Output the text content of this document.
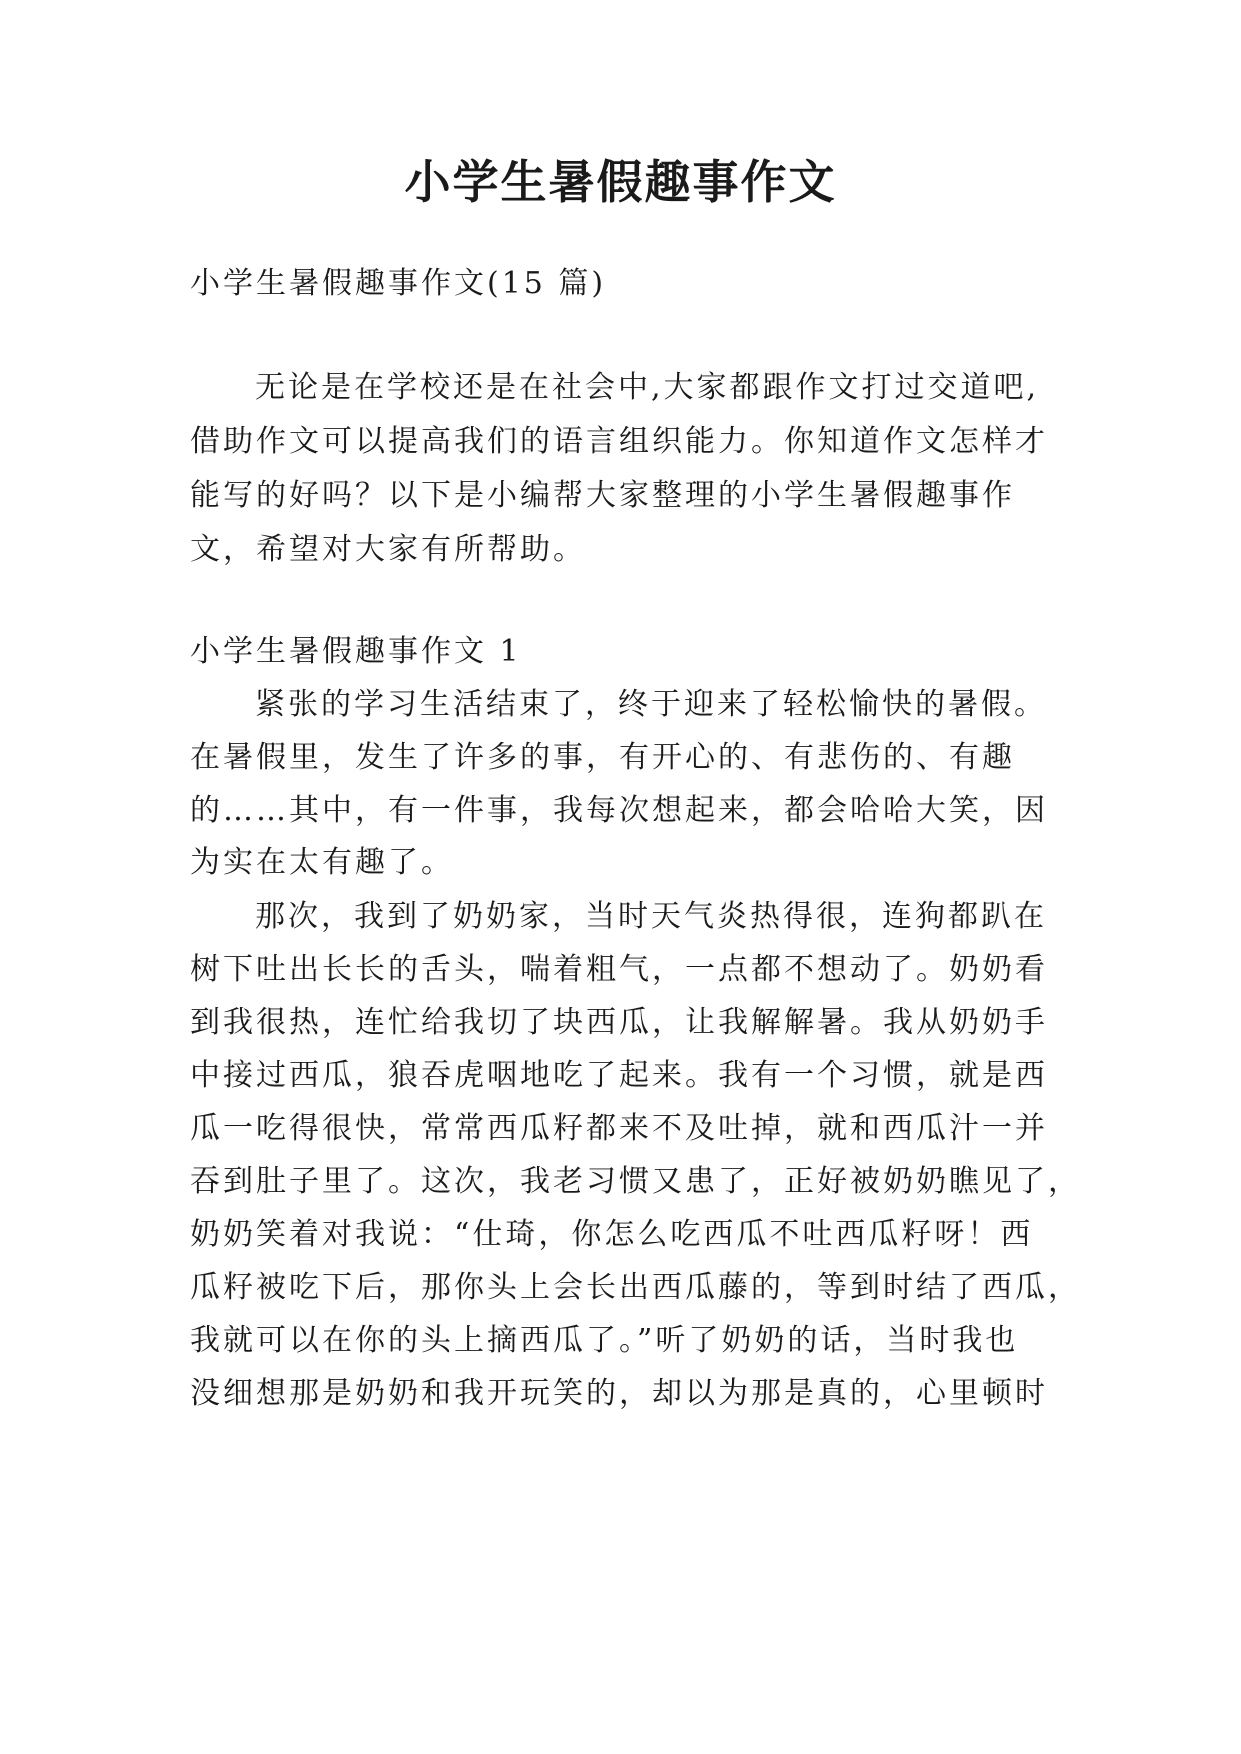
小学生暑假趣事作文

小学生暑假趣事作文(15 篇)

无论是在学校还是在社会中,大家都跟作文打过交道吧,

借助作文可以提高我们的语言组织能力。你知道作文怎样才

能写的好吗？以下是小编帮大家整理的小学生暑假趣事作

文，希望对大家有所帮助。

小学生暑假趣事作文 1

紧张的学习生活结束了，终于迎来了轻松愉快的暑假。

在暑假里，发生了许多的事，有开心的、有悲伤的、有趣

的……其中，有一件事，我每次想起来，都会哈哈大笑，因

为实在太有趣了。

那次，我到了奶奶家，当时天气炎热得很，连狗都趴在

树下吐出长长的舌头，喘着粗气，一点都不想动了。奶奶看

到我很热，连忙给我切了块西瓜，让我解解暑。我从奶奶手

中接过西瓜，狼吞虎咽地吃了起来。我有一个习惯，就是西

瓜一吃得很快，常常西瓜籽都来不及吐掉，就和西瓜汁一并

吞到肚子里了。这次，我老习惯又患了，正好被奶奶瞧见了，

奶奶笑着对我说：“仕琦，你怎么吃西瓜不吐西瓜籽呀！西

瓜籽被吃下后，那你头上会长出西瓜藤的，等到时结了西瓜，

我就可以在你的头上摘西瓜了。”听了奶奶的话，当时我也

没细想那是奶奶和我开玩笑的，却以为那是真的，心里顿时
